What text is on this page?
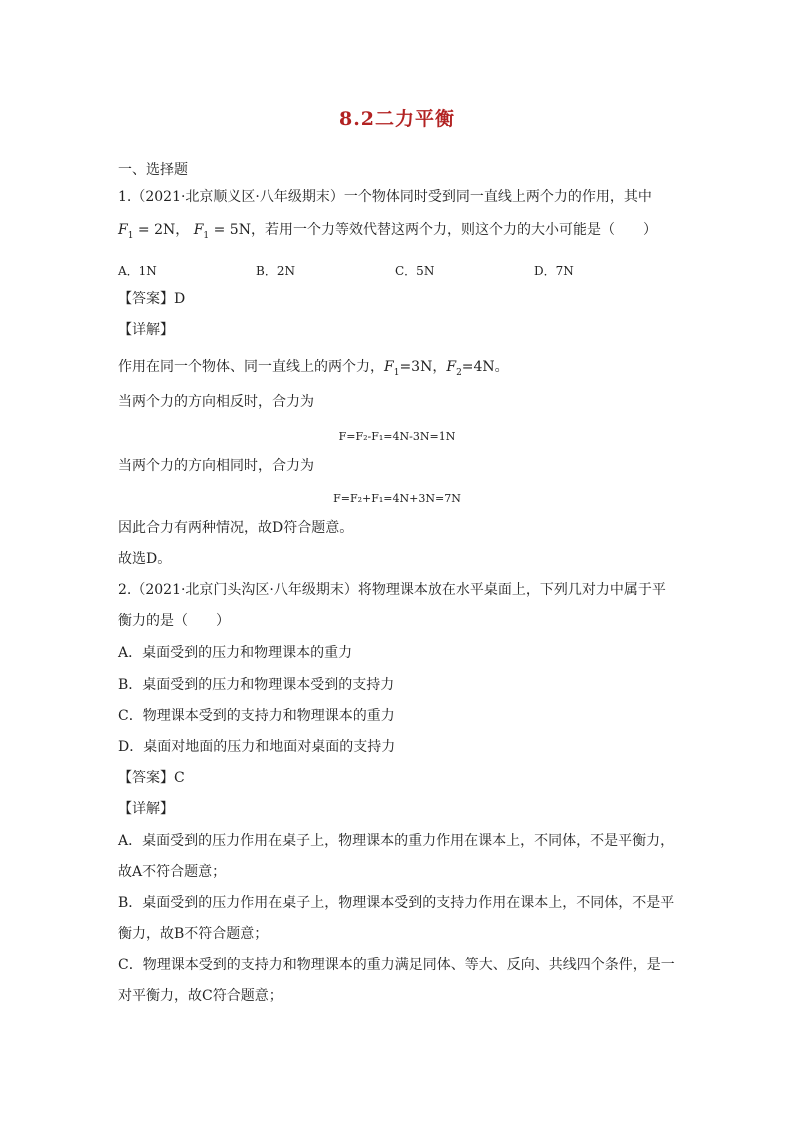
8.2二力平衡
一、选择题
1.（2021·北京顺义区·八年级期末）一个物体同时受到同一直线上两个力的作用，其中
$F_1 = 2N$， $F_1 = 5N$，若用一个力等效代替这两个力，则这个力的大小可能是（　　）
A．1N	B．2N	C．5N	D．7N
【答案】D
【详解】
作用在同一个物体、同一直线上的两个力，$F_1=3N$，$F_2=4N$。
当两个力的方向相反时，合力为
F=F₂-F₁=4N-3N=1N
当两个力的方向相同时，合力为
F=F₂+F₁=4N+3N=7N
因此合力有两种情况，故D符合题意。
故选D。
2.（2021·北京门头沟区·八年级期末）将物理课本放在水平桌面上，下列几对力中属于平
衡力的是（　　）
A．桌面受到的压力和物理课本的重力
B．桌面受到的压力和物理课本受到的支持力
C．物理课本受到的支持力和物理课本的重力
D．桌面对地面的压力和地面对桌面的支持力
【答案】C
【详解】
A．桌面受到的压力作用在桌子上，物理课本的重力作用在课本上，不同体，不是平衡力，
故A不符合题意；
B．桌面受到的压力作用在桌子上，物理课本受到的支持力作用在课本上，不同体，不是平
衡力，故B不符合题意；
C．物理课本受到的支持力和物理课本的重力满足同体、等大、反向、共线四个条件，是一
对平衡力，故C符合题意；
